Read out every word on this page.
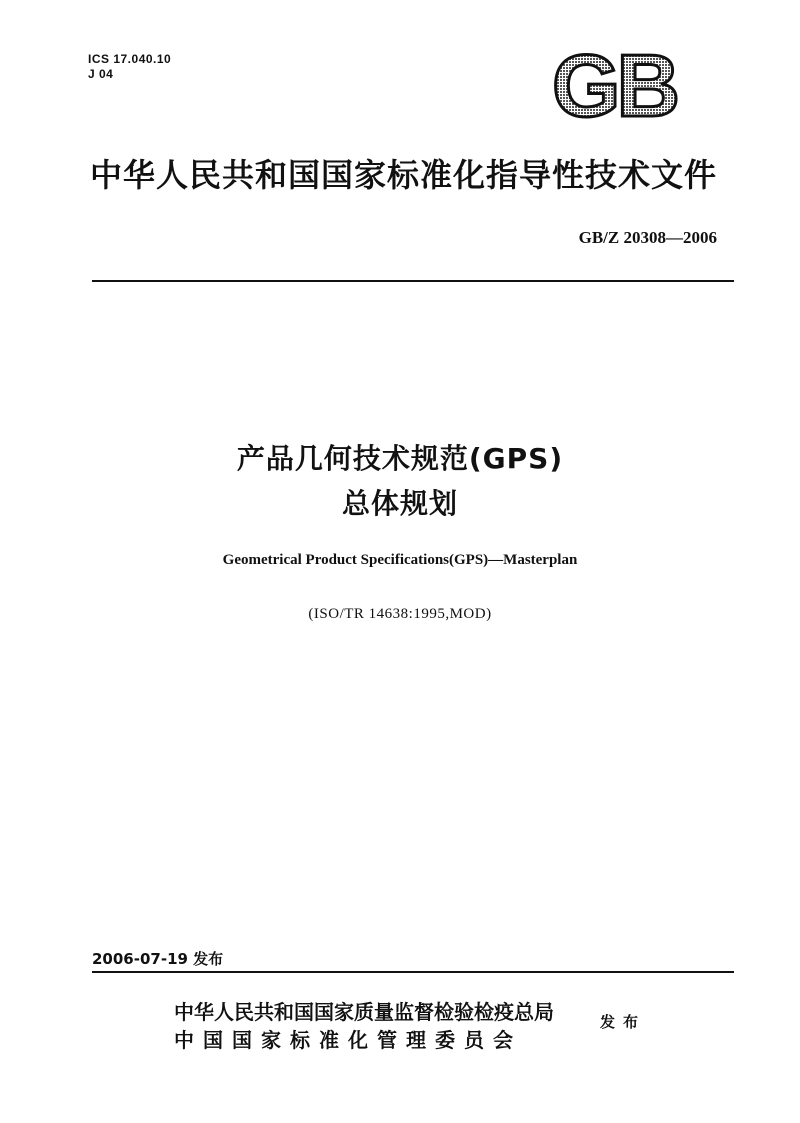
ICS 17.040.10
J 04	GB
中华人民共和国国家标准化指导性技术文件
GB/Z 20308—2006
产品几何技术规范(GPS)
总体规划
Geometrical Product Specifications(GPS)—Masterplan
(ISO/TR 14638:1995,MOD)
2006-07-19 发布
中华人民共和国国家质量监督检验检疫总局
中国国家标准化管理委员会
发布
